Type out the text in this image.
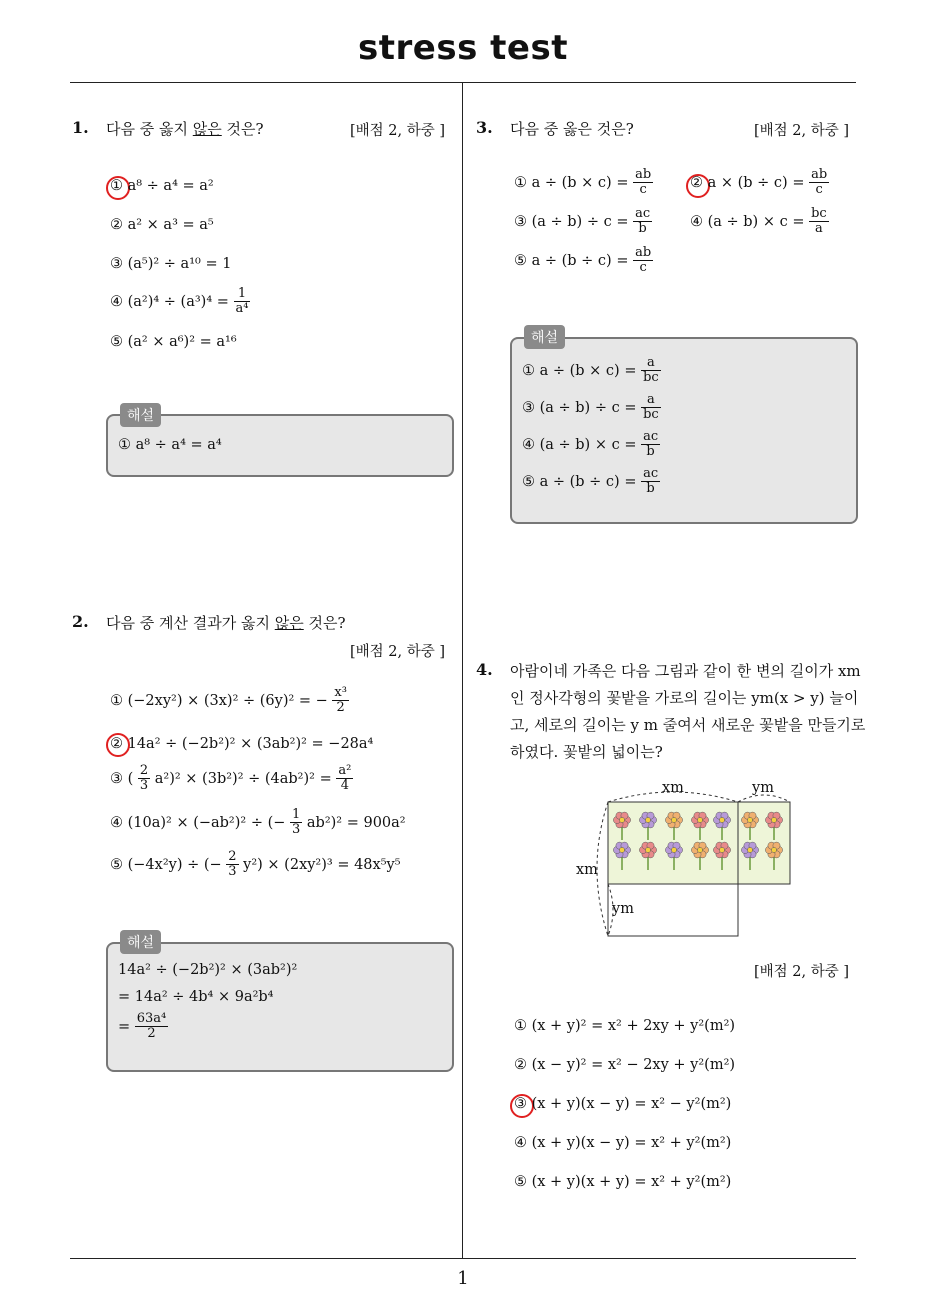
stress test
1
1. 다음 중 옳지 않은 것은?	[배점 2, 하중 ]
① a⁸ ÷ a⁴ = a²
② a² × a³ = a⁵
③ (a⁵)² ÷ a¹⁰ = 1
④ $(a^2)^4 \div (a^3)^4 = \frac{1}{\text{a⁴}}$
⑤ (a² × a⁶)² = a¹⁶
해설
① a⁸ ÷ a⁴ = a⁴
2. 다음 중 계산 결과가 옳지 않은 것은?
[배점 2, 하중 ]
① (−2xy²) × (3x)² ÷ (6y)² = − $\frac{\text{x³}}{2}$
② 14a² ÷ (−2b²)² × (3ab²)² = −28a⁴
③ ( $\frac{2}{3} a^2)^2 \times (3b^2)^2 \div (4ab^2)^2 = \frac{\text{a²}}{4}$
④ (10a)² × (−ab²)² ÷ (− $\frac{1}{3} ab^2)^2 = 900a^2$
⑤ (−4x²y) ÷ (− $\frac{2}{3} y^2) \times (2xy^2)^3 = 48x^5y^5$
해설
14a² ÷ (−2b²)² × (3ab²)²
= 14a² ÷ 4b⁴ × 9a²b⁴
= $\frac{\text{63a⁴}}{2}$
3. 다음 중 옳은 것은?	[배점 2, 하중 ]
① $a \div (b \times c) = \frac{ab}{c}$	② $a \times (b \div c) = \frac{ab}{c}$
③ $(a \div b) \div c = \frac{ac}{b}$	④ $(a \div b) \times c = \frac{bc}{a}$
⑤ $a \div (b \div c) = \frac{ab}{c}$
해설
① $a \div (b \times c) = \frac{a}{bc}$
③ $(a \div b) \div c = \frac{a}{bc}$
④ $(a \div b) \times c = \frac{ac}{b}$
⑤ $a \div (b \div c) = \frac{ac}{b}$
4. 아람이네 가족은 다음 그림과 같이 한 변의 길이가 xm
인 정사각형의 꽃밭을 가로의 길이는 ym(x > y) 늘이
고, 세로의 길이는 y m 줄여서 새로운 꽃밭을 만들기로
하였다. 꽃밭의 넓이는?
xm	ym
xm
ym
[배점 2, 하중 ]
① (x + y)² = x² + 2xy + y²(m²)
② (x − y)² = x² − 2xy + y²(m²)
③ (x + y)(x − y) = x² − y²(m²)
④ (x + y)(x − y) = x² + y²(m²)
⑤ (x + y)(x + y) = x² + y²(m²)
